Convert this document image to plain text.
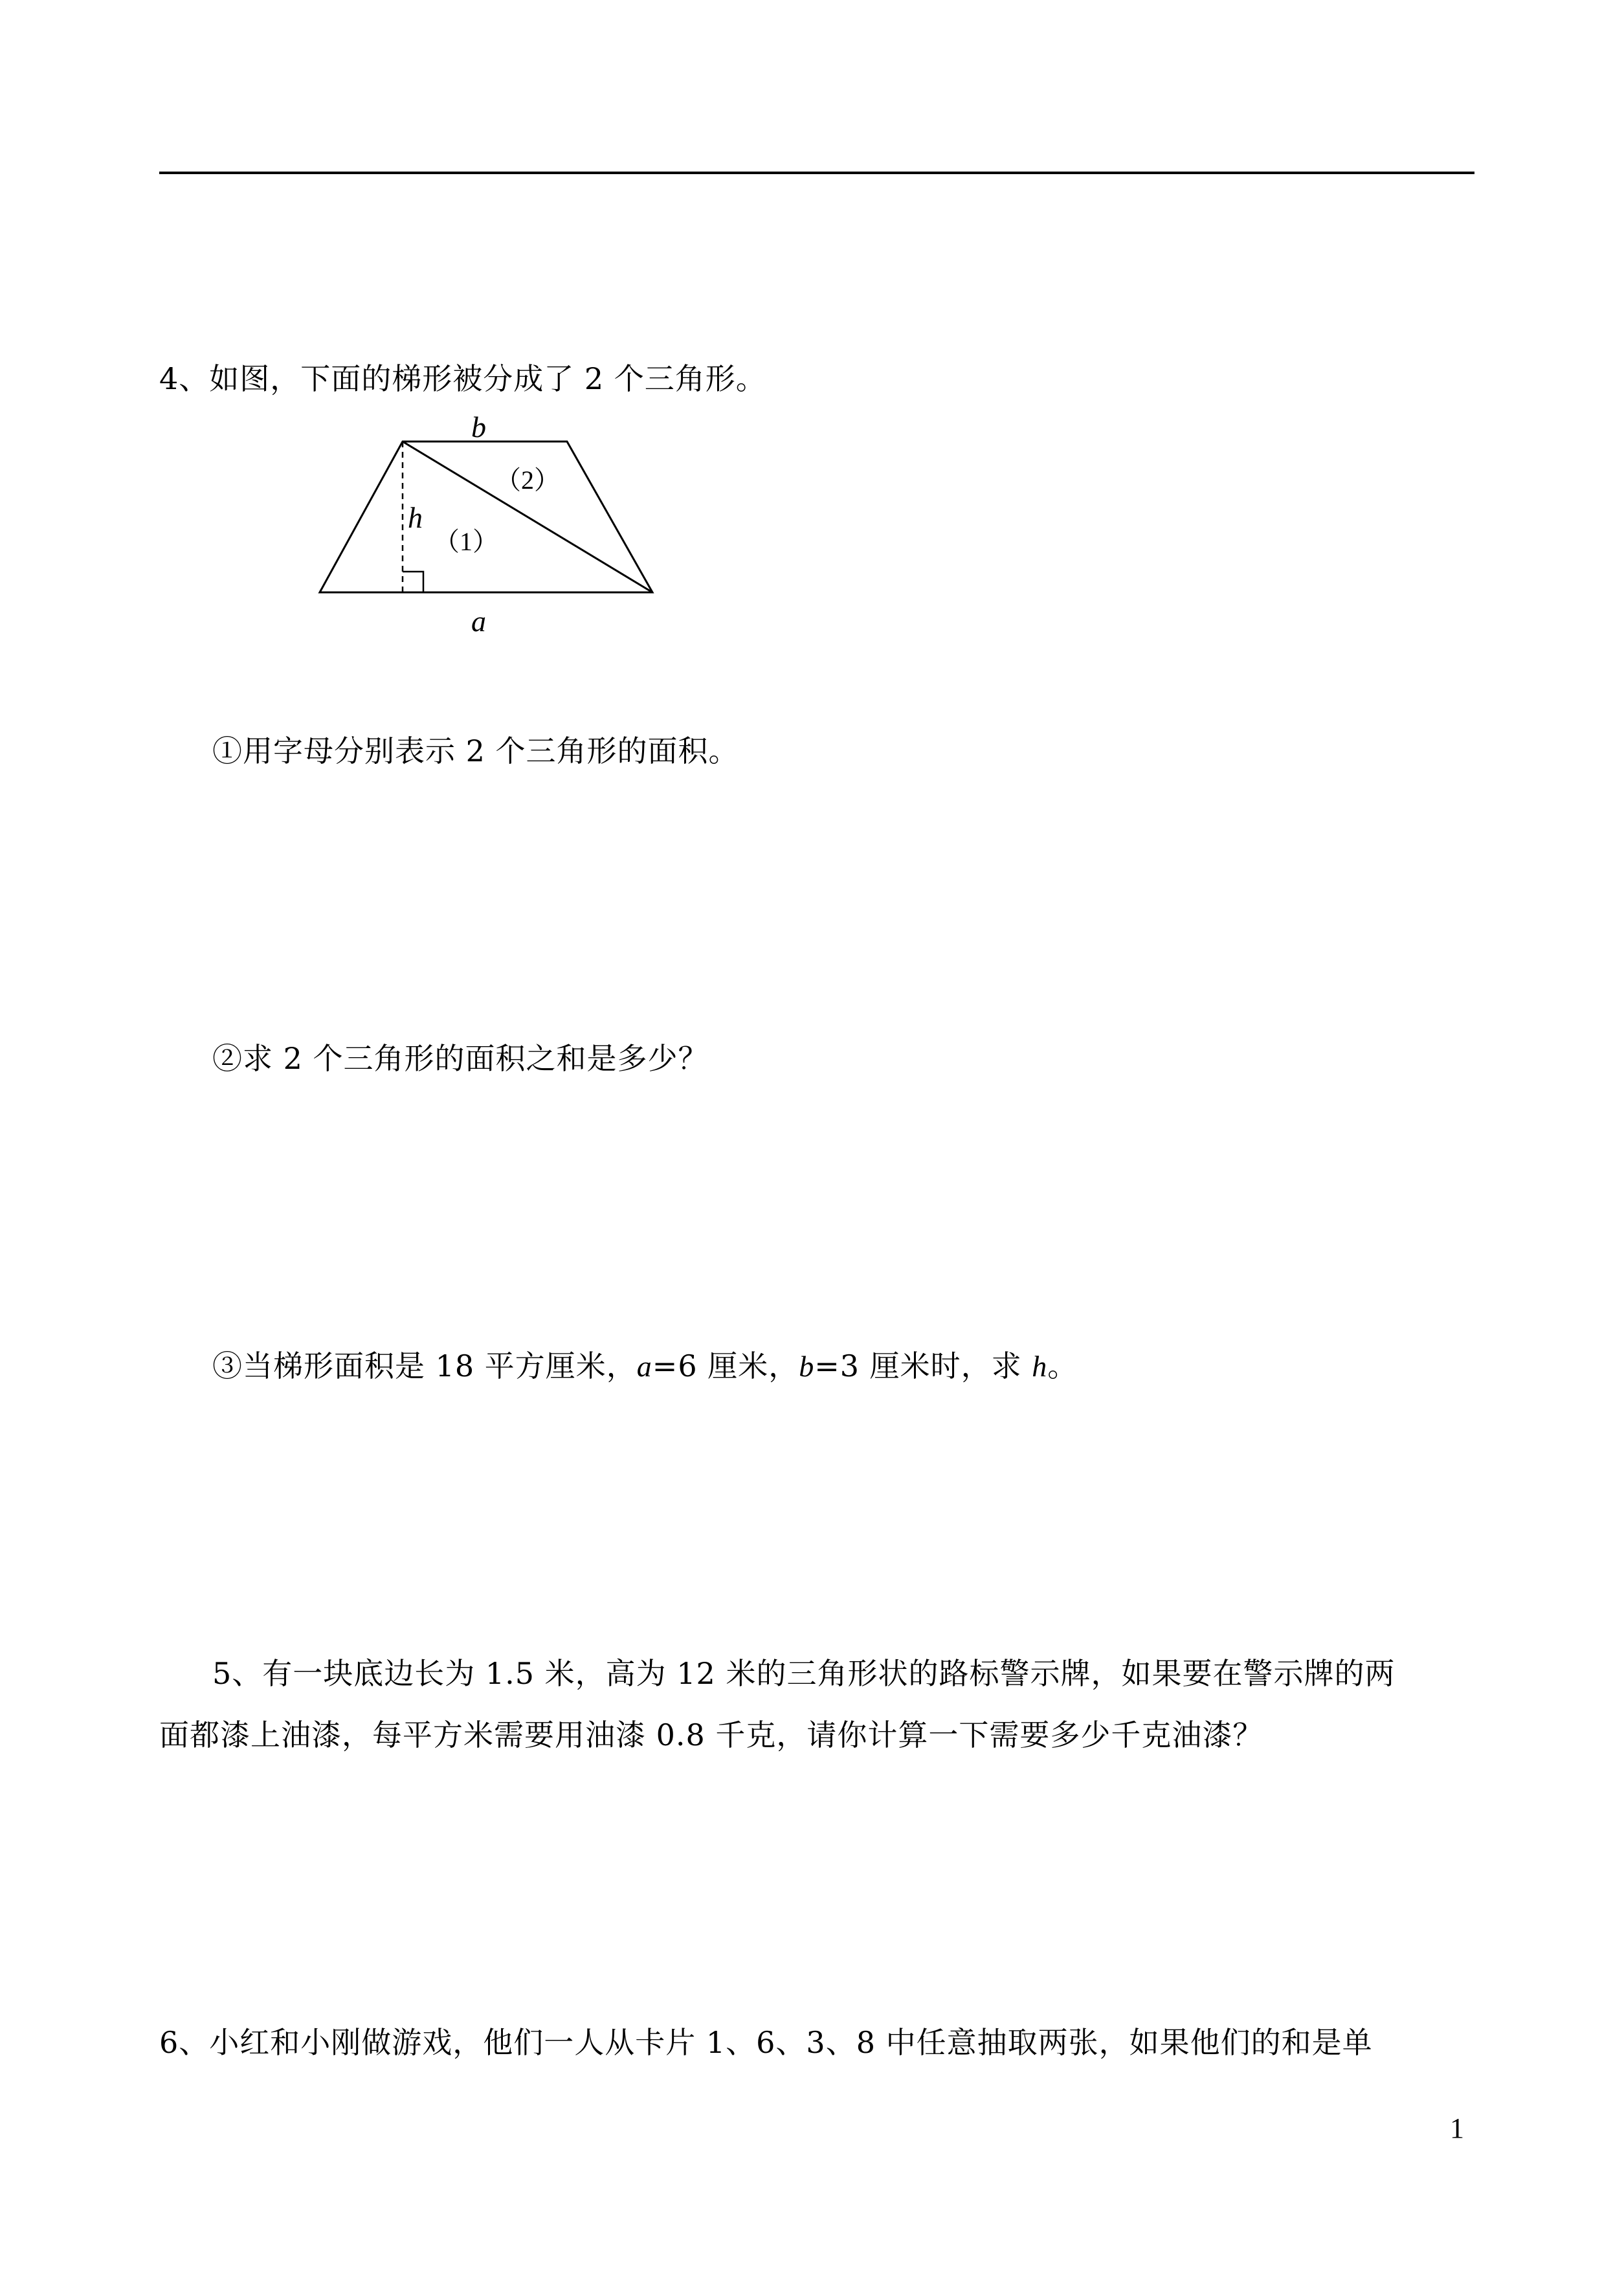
4、如图，下面的梯形被分成了 2 个三角形。
b
（2）
h
（1）
a
①用字母分别表示 2 个三角形的面积。
②求 2 个三角形的面积之和是多少？
③当梯形面积是 18 平方厘米，a=6 厘米，b=3 厘米时，求 h。
5、有一块底边长为 1.5 米，高为 12 米的三角形状的路标警示牌，如果要在警示牌的两
面都漆上油漆，每平方米需要用油漆 0.8 千克，请你计算一下需要多少千克油漆？
6、小红和小刚做游戏，他们一人从卡片 1、6、3、8 中任意抽取两张，如果他们的和是单
1
